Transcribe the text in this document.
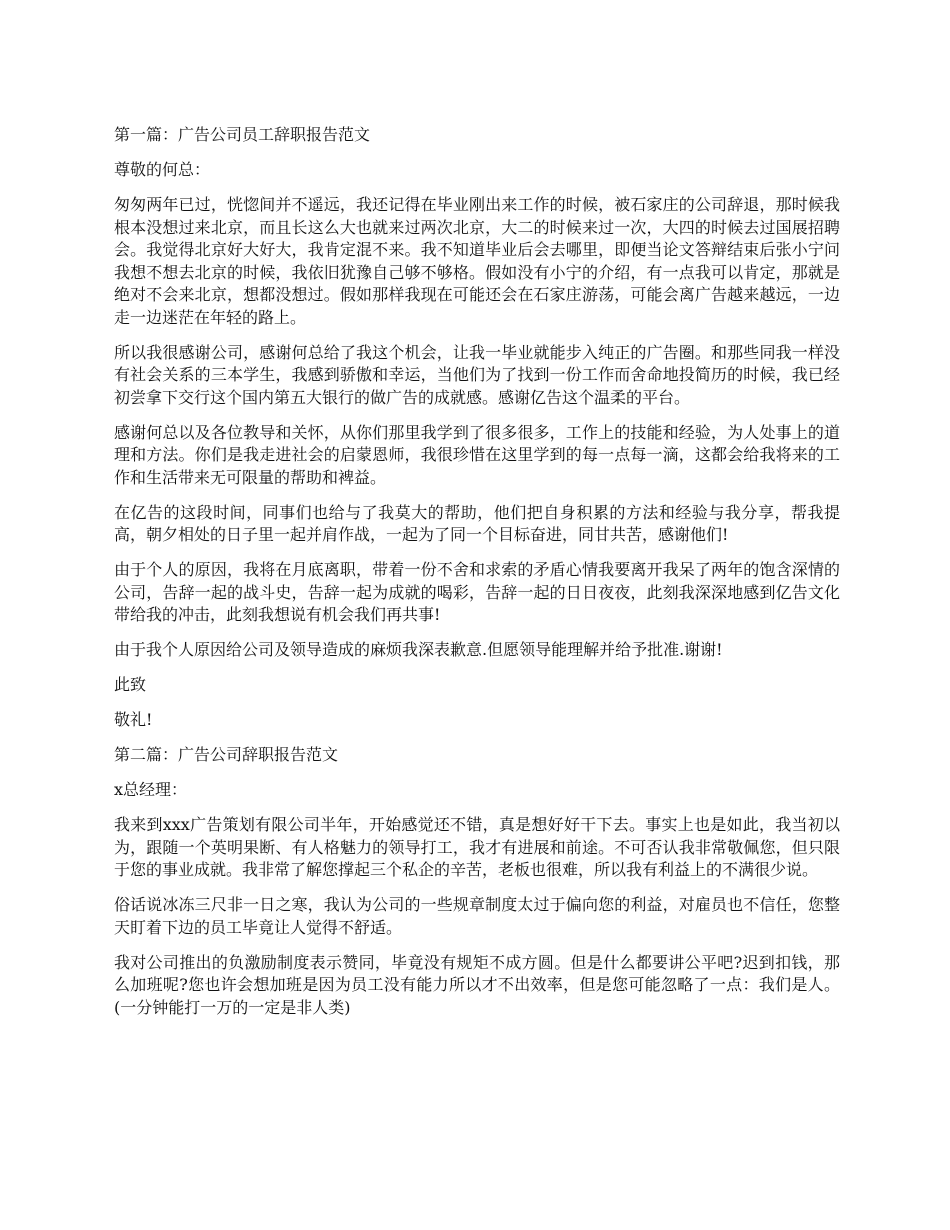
第一篇：广告公司员工辞职报告范文

尊敬的何总：

匆匆两年已过，恍惚间并不遥远，我还记得在毕业刚出来工作的时候，被石家庄的公司辞退，那时候我根本没想过来北京，而且长这么大也就来过两次北京，大二的时候来过一次，大四的时候去过国展招聘会。我觉得北京好大好大，我肯定混不来。我不知道毕业后会去哪里，即便当论文答辩结束后张小宁问我想不想去北京的时候，我依旧犹豫自己够不够格。假如没有小宁的介绍，有一点我可以肯定，那就是绝对不会来北京，想都没想过。假如那样我现在可能还会在石家庄游荡，可能会离广告越来越远，一边走一边迷茫在年轻的路上。

所以我很感谢公司，感谢何总给了我这个机会，让我一毕业就能步入纯正的广告圈。和那些同我一样没有社会关系的三本学生，我感到骄傲和幸运，当他们为了找到一份工作而舍命地投简历的时候，我已经初尝拿下交行这个国内第五大银行的做广告的成就感。感谢亿告这个温柔的平台。

感谢何总以及各位教导和关怀，从你们那里我学到了很多很多，工作上的技能和经验，为人处事上的道理和方法。你们是我走进社会的启蒙恩师，我很珍惜在这里学到的每一点每一滴，这都会给我将来的工作和生活带来无可限量的帮助和裨益。

在亿告的这段时间，同事们也给与了我莫大的帮助，他们把自身积累的方法和经验与我分享，帮我提高，朝夕相处的日子里一起并肩作战，一起为了同一个目标奋进，同甘共苦，感谢他们!

由于个人的原因，我将在月底离职，带着一份不舍和求索的矛盾心情我要离开我呆了两年的饱含深情的公司，告辞一起的战斗史，告辞一起为成就的喝彩，告辞一起的日日夜夜，此刻我深深地感到亿告文化带给我的冲击，此刻我想说有机会我们再共事!

由于我个人原因给公司及领导造成的麻烦我深表歉意.但愿领导能理解并给予批准.谢谢!

此致

敬礼!

第二篇：广告公司辞职报告范文

x总经理：

我来到xxx广告策划有限公司半年，开始感觉还不错，真是想好好干下去。事实上也是如此，我当初以为，跟随一个英明果断、有人格魅力的领导打工，我才有进展和前途。不可否认我非常敬佩您，但只限于您的事业成就。我非常了解您撑起三个私企的辛苦，老板也很难，所以我有利益上的不满很少说。

俗话说冰冻三尺非一日之寒，我认为公司的一些规章制度太过于偏向您的利益，对雇员也不信任，您整天盯着下边的员工毕竟让人觉得不舒适。

我对公司推出的负激励制度表示赞同，毕竟没有规矩不成方圆。但是什么都要讲公平吧?迟到扣钱，那么加班呢?您也许会想加班是因为员工没有能力所以才不出效率，但是您可能忽略了一点：我们是人。(一分钟能打一万的一定是非人类)
